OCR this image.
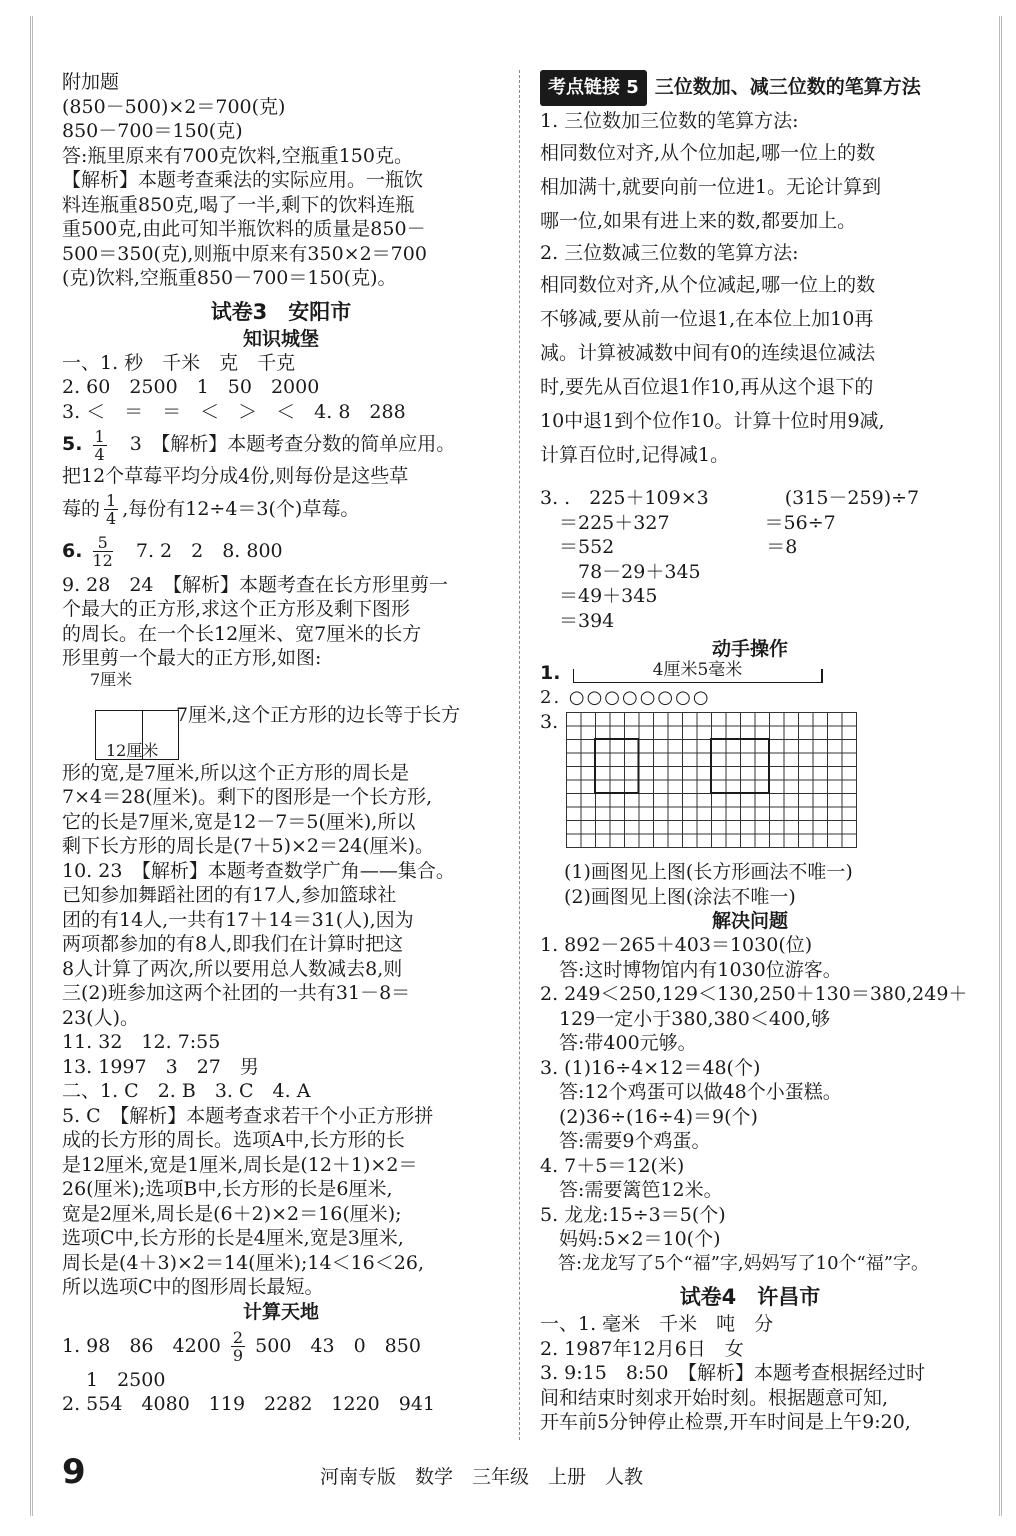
附加题
(850－500)×2＝700(克)
850－700＝150(克)
答:瓶里原来有700克饮料,空瓶重150克。
【解析】本题考查乘法的实际应用。一瓶饮
料连瓶重850克,喝了一半,剩下的饮料连瓶
重500克,由此可知半瓶饮料的质量是850－
500＝350(克),则瓶中原来有350×2＝700
(克)饮料,空瓶重850－700＝150(克)。
试卷3　安阳市
知识城堡
一、1. 秒　千米　克　千克
2. 60　2500　1　50　2000
3. ＜　＝　＝　＜　＞　＜　4. 8　288
5. $\frac{1}{4}$ 　3　【解析】本题考查分数的简单应用。
把12个草莓平均分成4份,则每份是这些草
莓的 $\frac{1}{4}$ ,每份有12÷4＝3(个)草莓。
6. $\frac{5}{12}$ 　7. 2　2　8. 800
9. 28　24　【解析】本题考查在长方形里剪一
个最大的正方形,求这个正方形及剩下图形
的周长。在一个长12厘米、宽7厘米的长方
形里剪一个最大的正方形,如图:
7厘米
7厘米,这个正方形的边长等于长方
12厘米
形的宽,是7厘米,所以这个正方形的周长是
7×4＝28(厘米)。剩下的图形是一个长方形,
它的长是7厘米,宽是12－7＝5(厘米),所以
剩下长方形的周长是(7＋5)×2＝24(厘米)。
10. 23　【解析】本题考查数学广角——集合。
已知参加舞蹈社团的有17人,参加篮球社
团的有14人,一共有17＋14＝31(人),因为
两项都参加的有8人,即我们在计算时把这
8人计算了两次,所以要用总人数减去8,则
三(2)班参加这两个社团的一共有31－8＝
23(人)。
11. 32　12. 7:55
13. 1997　3　27　男
二、1. C　2. B　3. C　4. A
5. C　【解析】本题考查求若干个小正方形拼
成的长方形的周长。选项A中,长方形的长
是12厘米,宽是1厘米,周长是(12＋1)×2＝
26(厘米);选项B中,长方形的长是6厘米,
宽是2厘米,周长是(6＋2)×2＝16(厘米);
选项C中,长方形的长是4厘米,宽是3厘米,
周长是(4＋3)×2＝14(厘米);14＜16＜26,
所以选项C中的图形周长最短。
计算天地
1. 98　86　$4200 \frac{2}{9} 500$　43　0　850
1　2500
2. 554　4080　119　2282　1220　941
考点链接 5 三位数加、减三位数的笔算方法
1. 三位数加三位数的笔算方法:
相同数位对齐,从个位加起,哪一位上的数
相加满十,就要向前一位进1。无论计算到
哪一位,如果有进上来的数,都要加上。
2. 三位数减三位数的笔算方法:
相同数位对齐,从个位减起,哪一位上的数
不够减,要从前一位退1,在本位上加10再
减。计算被减数中间有0的连续退位减法
时,要先从百位退1作10,再从这个退下的
10中退1到个位作10。计算十位时用9减,
计算百位时,记得减1。
3. .　225＋109×3　　　　(315－259)÷7
　＝225＋327　　　　　＝56÷7
　＝552　　　　　　　　＝8
　　78－29＋345
　＝49＋345
　＝394
动手操作
1.	4厘米5毫米
2. ○○○○○○○○
3.
(1)画图见上图(长方形画法不唯一)
(2)画图见上图(涂法不唯一)
解决问题
1. 892－265＋403＝1030(位)
　答:这时博物馆内有1030位游客。
2. 249＜250,129＜130,250＋130＝380,249＋
　129一定小于380,380＜400,够
　答:带400元够。
3. (1)16÷4×12＝48(个)
　答:12个鸡蛋可以做48个小蛋糕。
　(2)36÷(16÷4)＝9(个)
　答:需要9个鸡蛋。
4. 7＋5＝12(米)
　答:需要篱笆12米。
5. 龙龙:15÷3＝5(个)
　妈妈:5×2＝10(个)
　答:龙龙写了5个“福”字,妈妈写了10个“福”字。
试卷4　许昌市
一、1. 毫米　千米　吨　分
2. 1987年12月6日　女
3. 9:15　8:50　【解析】本题考查根据经过时
间和结束时刻求开始时刻。根据题意可知,
开车前5分钟停止检票,开车时间是上午9:20,
9	河南专版　数学　三年级　上册　人教
